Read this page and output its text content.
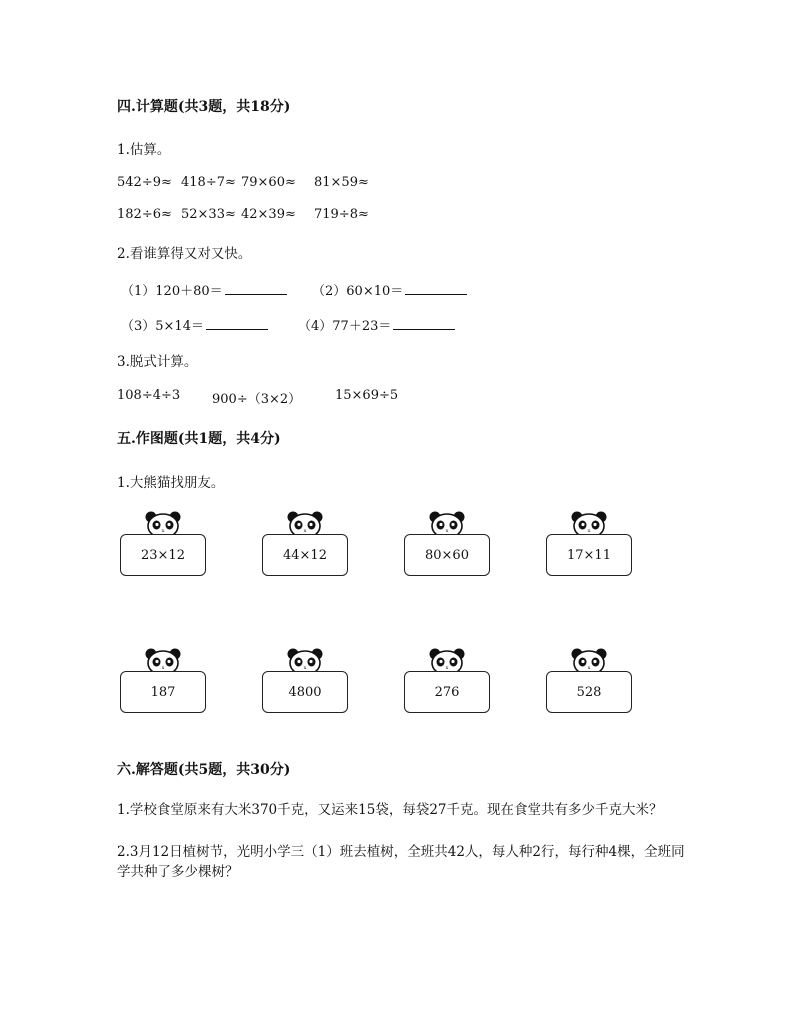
四.计算题(共3题，共18分)
1.估算。
542÷9≈ 418÷7≈ 79×60≈ 81×59≈
182÷6≈ 52×33≈ 42×39≈ 719÷8≈
2.看谁算得又对又快。
（1）120＋80＝	（2）60×10＝
（3）5×14＝	（4）77＋23＝
3.脱式计算。
108÷4÷3 900÷（3×2）	15×69÷5
五.作图题(共1题，共4分)
1.大熊猫找朋友。
x
23×12
x
44×12
x
80×60
x
17×11
x
187
x
4800
x
276
x
528
六.解答题(共5题，共30分)
1.学校食堂原来有大米370千克，又运来15袋，每袋27千克。现在食堂共有多少千克大米？
2.3月12日植树节，光明小学三（1）班去植树，全班共42人，每人种2行，每行种4棵，全班同学共种了多少棵树？
